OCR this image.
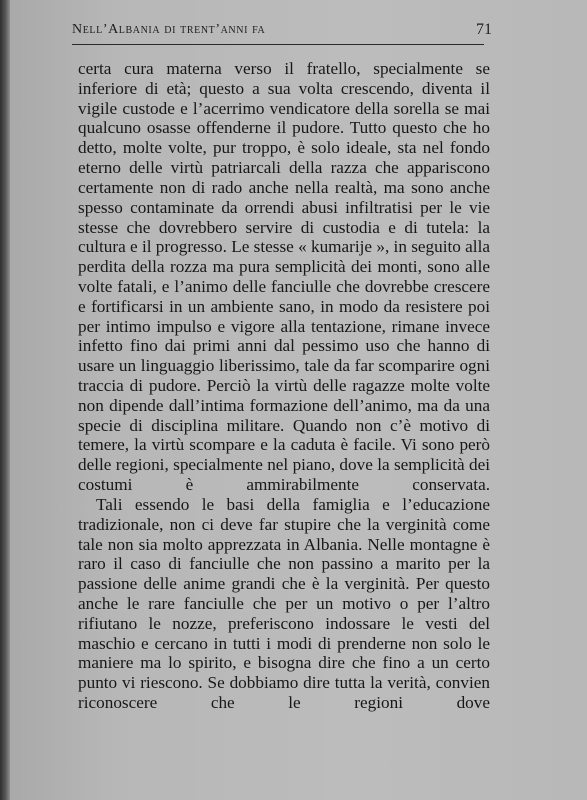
Nell’Albania di trent’anni fa	71

certa cura materna verso il fratello, specialmente se inferiore di età; questo a sua volta crescendo, diventa il vigile custode e l’acerrimo vendicatore della sorella se mai qualcuno osasse offenderne il pudore. Tutto questo che ho detto, molte volte, pur troppo, è solo ideale, sta nel fondo eterno delle virtù patriarcali della razza che appariscono certamente non di rado anche nella realtà, ma sono anche spesso contaminate da orrendi abusi infiltratisi per le vie stesse che dovrebbero servire di custodia e di tutela: la cultura e il progresso. Le stesse « kumarije », in seguito alla perdita della rozza ma pura semplicità dei monti, sono alle volte fatali, e l’animo delle fanciulle che dovrebbe crescere e fortificarsi in un ambiente sano, in modo da resistere poi per intimo impulso e vigore alla tentazione, rimane invece infetto fino dai primi anni dal pessimo uso che hanno di usare un linguaggio liberissimo, tale da far scomparire ogni traccia di pudore. Perciò la virtù delle ragazze molte volte non dipende dall’intima formazione dell’animo, ma da una specie di disciplina militare. Quando non c’è motivo di temere, la virtù scompare e la caduta è facile. Vi sono però delle regioni, specialmente nel piano, dove la semplicità dei costumi è ammirabilmente conservata.

Tali essendo le basi della famiglia e l’educazione tradizionale, non ci deve far stupire che la verginità come tale non sia molto apprezzata in Albania. Nelle montagne è raro il caso di fanciulle che non passino a marito per la passione delle anime grandi che è la verginità. Per questo anche le rare fanciulle che per un motivo o per l’altro rifiutano le nozze, preferiscono indossare le vesti del maschio e cercano in tutti i modi di prenderne non solo le maniere ma lo spirito, e bisogna dire che fino a un certo punto vi riescono. Se dobbiamo dire tutta la verità, convien riconoscere che le regioni dove
